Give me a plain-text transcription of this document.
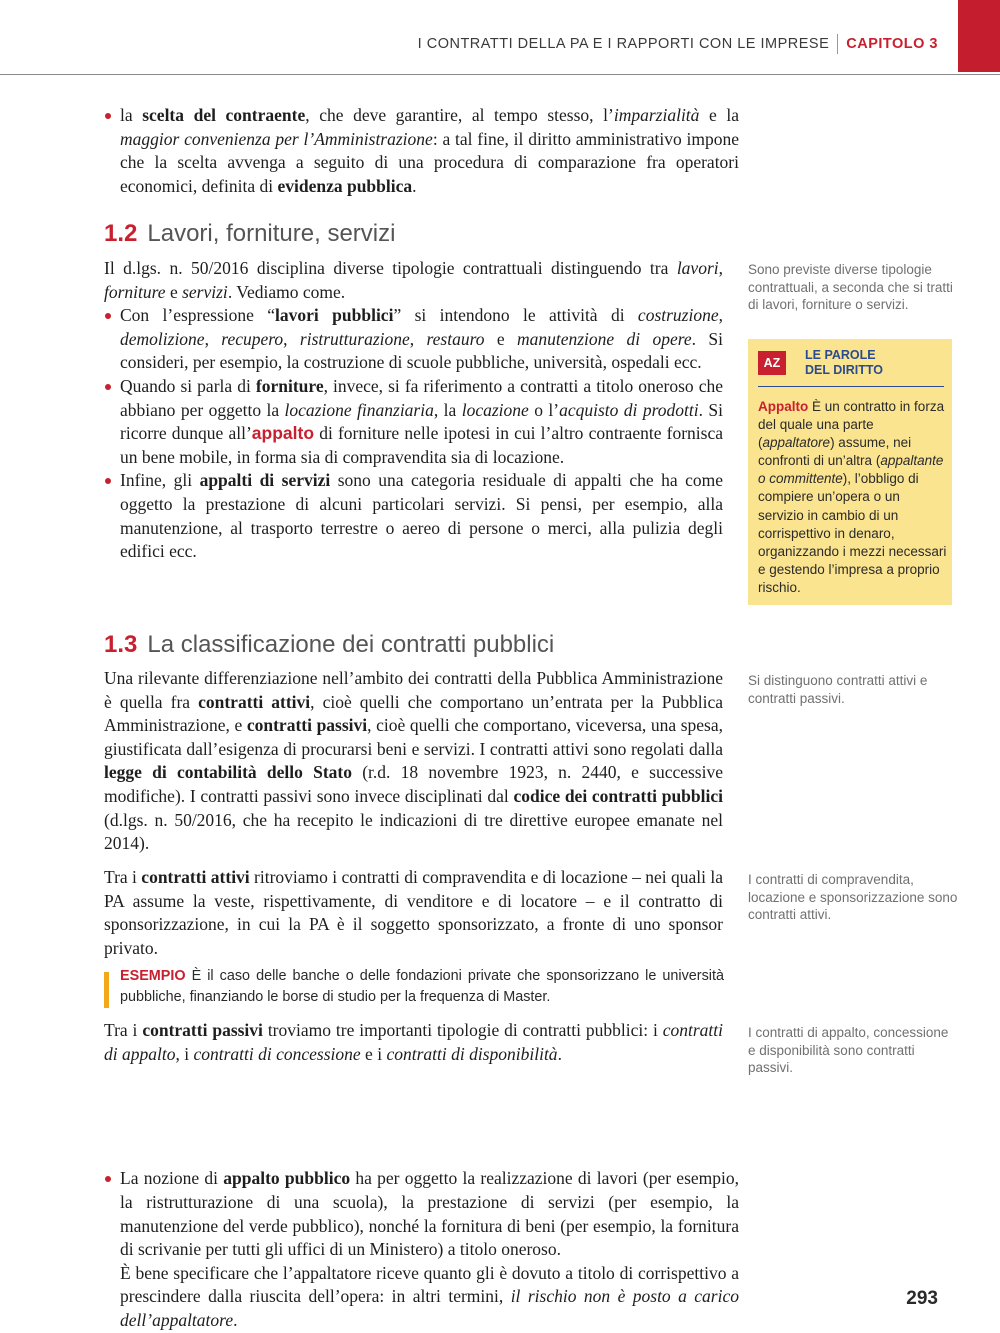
I CONTRATTI DELLA PA E I RAPPORTI CON LE IMPRESE CAPITOLO 3
la scelta del contraente, che deve garantire, al tempo stesso, l’imparzialità e la maggior convenienza per l’Amministrazione: a tal fine, il diritto amministrativo impone che la scelta avvenga a seguito di una procedura di comparazione fra operatori economici, definita di evidenza pubblica.
1.2 Lavori, forniture, servizi
Il d.lgs. n. 50/2016 disciplina diverse tipologie contrattuali distinguendo tra lavori, forniture e servizi. Vediamo come.
Con l’espressione “lavori pubblici” si intendono le attività di costruzione, demolizione, recupero, ristrutturazione, restauro e manutenzione di opere. Si consideri, per esempio, la costruzione di scuole pubbliche, università, ospedali ecc.
Quando si parla di forniture, invece, si fa riferimento a contratti a titolo oneroso che abbiano per oggetto la locazione finanziaria, la locazione o l’acquisto di prodotti. Si ricorre dunque all’appalto di forniture nelle ipotesi in cui l’altro contraente fornisca un bene mobile, in forma sia di compravendita sia di locazione.
Infine, gli appalti di servizi sono una categoria residuale di appalti che ha come oggetto la prestazione di alcuni particolari servizi. Si pensi, per esempio, alla manutenzione, al trasporto terrestre o aereo di persone o merci, alla pulizia degli edifici ecc.
1.3 La classificazione dei contratti pubblici
Una rilevante differenziazione nell’ambito dei contratti della Pubblica Amministrazione è quella fra contratti attivi, cioè quelli che comportano un’entrata per la Pubblica Amministrazione, e contratti passivi, cioè quelli che comportano, viceversa, una spesa, giustificata dall’esigenza di procurarsi beni e servizi. I contratti attivi sono regolati dalla legge di contabilità dello Stato (r.d. 18 novembre 1923, n. 2440, e successive modifiche). I contratti passivi sono invece disciplinati dal codice dei contratti pubblici (d.lgs. n. 50/2016, che ha recepito le indicazioni di tre direttive europee emanate nel 2014).
Tra i contratti attivi ritroviamo i contratti di compravendita e di locazione – nei quali la PA assume la veste, rispettivamente, di venditore e di locatore – e il contratto di sponsorizzazione, in cui la PA è il soggetto sponsorizzato, a fronte di uno sponsor privato.
ESEMPIO È il caso delle banche o delle fondazioni private che sponsorizzano le università pubbliche, finanziando le borse di studio per la frequenza di Master.
Tra i contratti passivi troviamo tre importanti tipologie di contratti pubblici: i contratti di appalto, i contratti di concessione e i contratti di disponibilità.
La nozione di appalto pubblico ha per oggetto la realizzazione di lavori (per esempio, la ristrutturazione di una scuola), la prestazione di servizi (per esempio, la manutenzione del verde pubblico), nonché la fornitura di beni (per esempio, la fornitura di scrivanie per tutti gli uffici di un Ministero) a titolo oneroso.
È bene specificare che l’appaltatore riceve quanto gli è dovuto a titolo di corrispettivo a prescindere dalla riuscita dell’opera: in altri termini, il rischio non è posto a carico dell’appaltatore.
Sono previste diverse tipologie contrattuali, a seconda che si tratti di lavori, forniture o servizi.
Si distinguono contratti attivi e contratti passivi.
I contratti di compravendita, locazione e sponsorizzazione sono contratti attivi.
I contratti di appalto, concessione e disponibilità sono contratti passivi.
AZ
LE PAROLE
DEL DIRITTO
Appalto È un contratto in forza del quale una parte (appaltatore) assume, nei confronti di un’altra (appaltante o committente), l’obbligo di compiere un’opera o un servizio in cambio di un corrispettivo in denaro, organizzando i mezzi necessari e gestendo l’impresa a proprio rischio.
293
